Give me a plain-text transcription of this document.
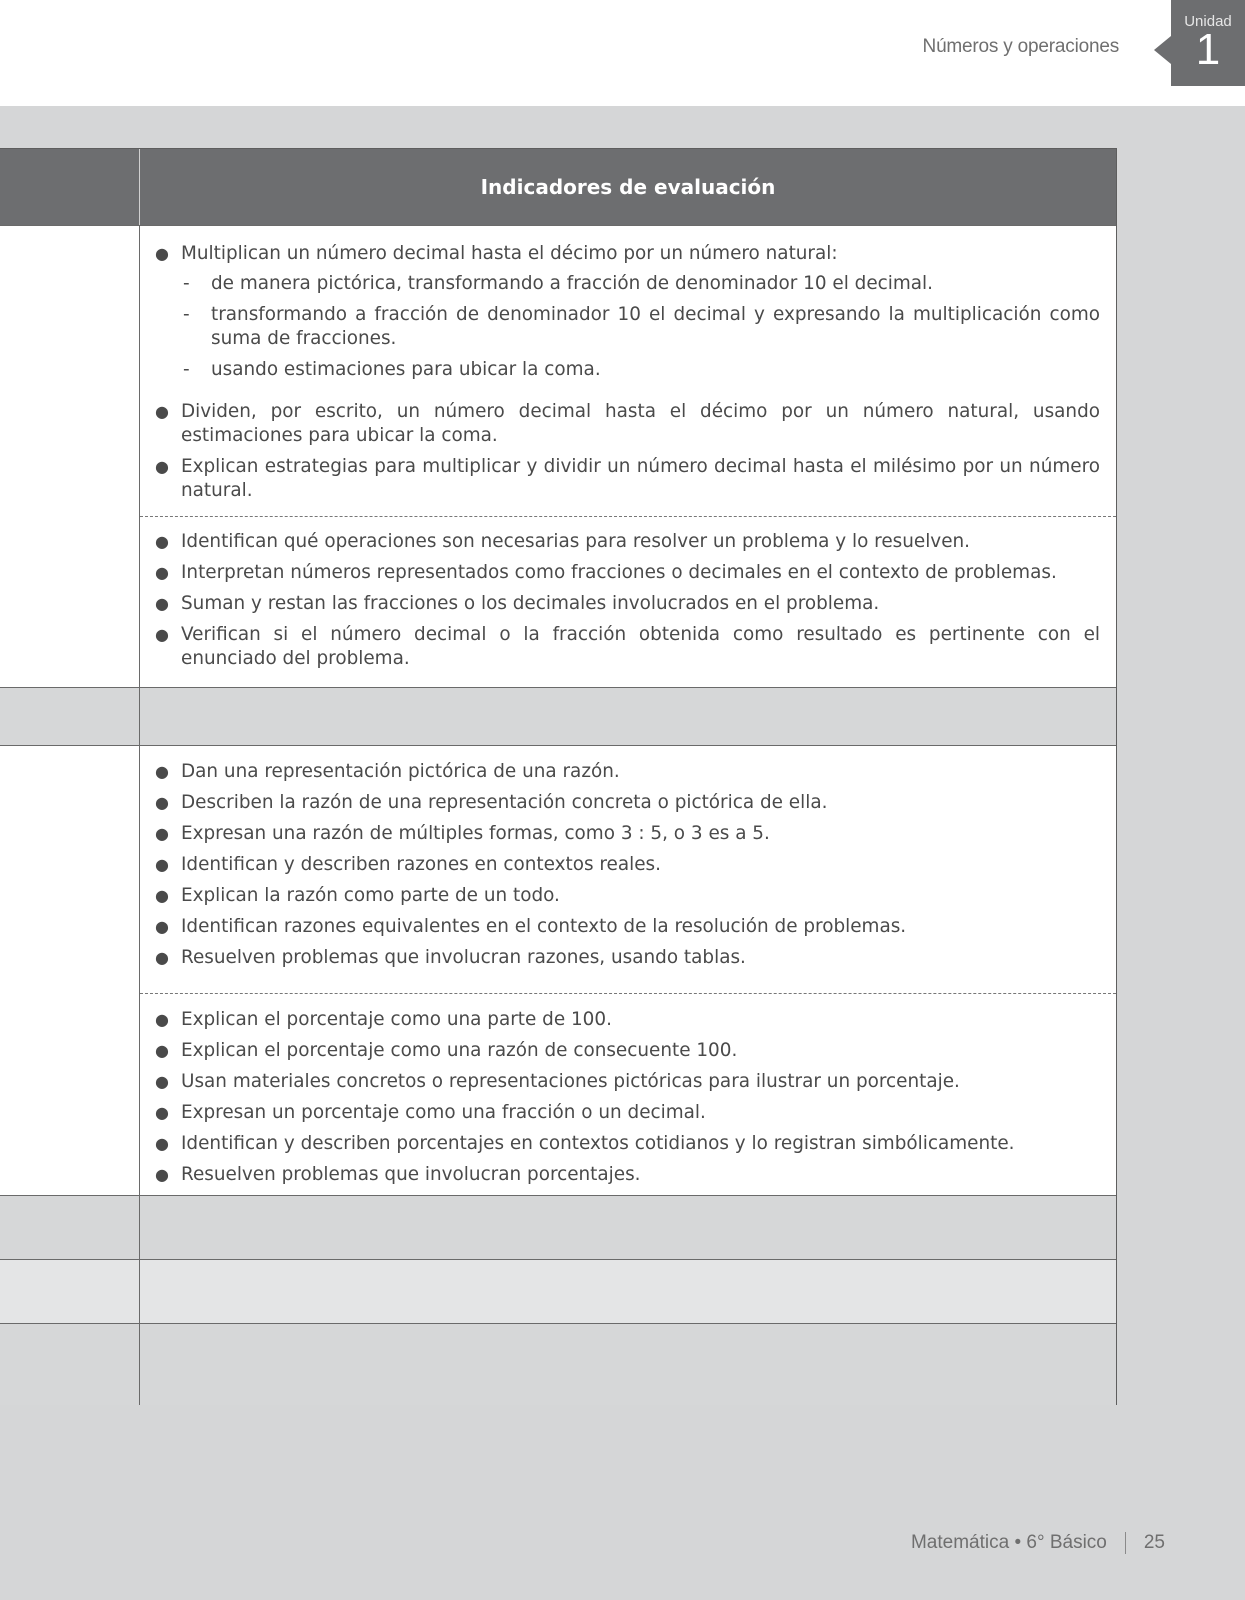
Números y operaciones
Unidad
1
Indicadores de evaluación
● Multiplican un número decimal hasta el décimo por un número natural:
- de manera pictórica, transformando a fracción de denominador 10 el decimal.
- transformando a fracción de denominador 10 el decimal y expresando la multiplicación como suma de fracciones.
- usando estimaciones para ubicar la coma.
● Dividen, por escrito, un número decimal hasta el décimo por un número natural, usando estimaciones para ubicar la coma.
● Explican estrategias para multiplicar y dividir un número decimal hasta el milésimo por un número natural.
● Identifican qué operaciones son necesarias para resolver un problema y lo resuelven.
● Interpretan números representados como fracciones o decimales en el contexto de problemas.
● Suman y restan las fracciones o los decimales involucrados en el problema.
● Verifican si el número decimal o la fracción obtenida como resultado es pertinente con el enunciado del problema.
● Dan una representación pictórica de una razón.
● Describen la razón de una representación concreta o pictórica de ella.
● Expresan una razón de múltiples formas, como 3 : 5, o 3 es a 5.
● Identifican y describen razones en contextos reales.
● Explican la razón como parte de un todo.
● Identifican razones equivalentes en el contexto de la resolución de problemas.
● Resuelven problemas que involucran razones, usando tablas.
● Explican el porcentaje como una parte de 100.
● Explican el porcentaje como una razón de consecuente 100.
● Usan materiales concretos o representaciones pictóricas para ilustrar un porcentaje.
● Expresan un porcentaje como una fracción o un decimal.
● Identifican y describen porcentajes en contextos cotidianos y lo registran simbólicamente.
● Resuelven problemas que involucran porcentajes.
Matemática • 6° Básico 25
